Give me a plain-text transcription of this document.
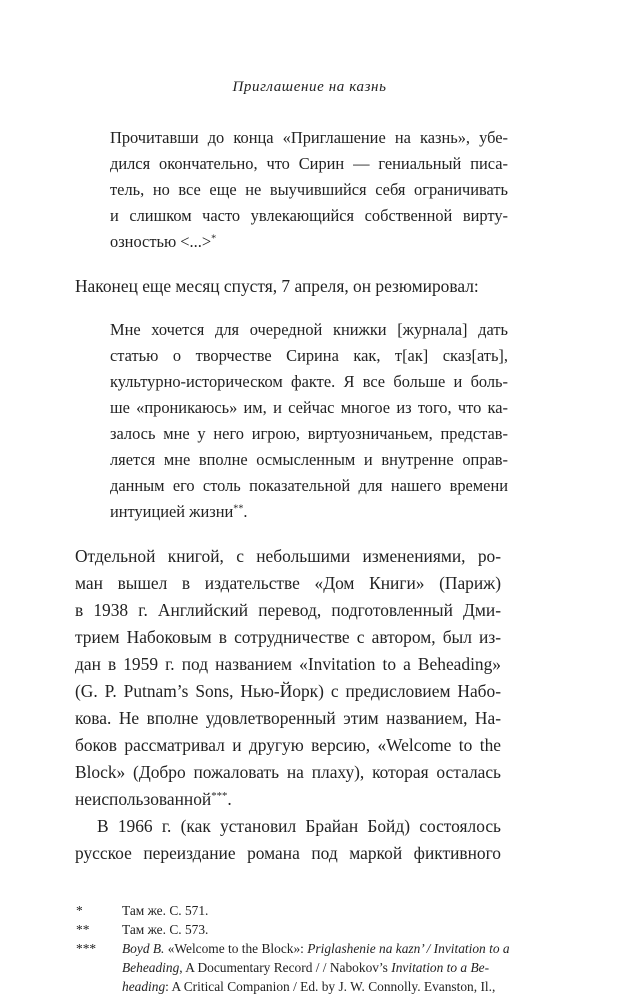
Приглашение на казнь
Прочитавши до конца «Приглашение на казнь», убе-
дился окончательно, что Сирин — гениальный писа-
тель, но все еще не выучившийся себя ограничивать
и слишком часто увлекающийся собственной вирту-
озностью <...>*
Наконец еще месяц спустя, 7 апреля, он резюмировал:
Мне хочется для очередной книжки [журнала] дать
статью о творчестве Сирина как, т[ак] сказ[ать],
культурно-историческом факте. Я все больше и боль-
ше «проникаюсь» им, и сейчас многое из того, что ка-
залось мне у него игрою, виртуозничаньем, представ-
ляется мне вполне осмысленным и внутренне оправ-
данным его столь показательной для нашего времени
интуицией жизни**.
Отдельной книгой, с небольшими изменениями, ро-
ман вышел в издательстве «Дом Книги» (Париж)
в 1938 г. Английский перевод, подготовленный Дми-
трием Набоковым в сотрудничестве с автором, был из-
дан в 1959 г. под названием «Invitation to a Beheading»
(G. P. Putnam’s Sons, Нью-Йорк) с предисловием Набо-
кова. Не вполне удовлетворенный этим названием, На-
боков рассматривал и другую версию, «Welcome to the
Block» (Добро пожаловать на плаху), которая осталась
неиспользованной***.
В 1966 г. (как установил Брайан Бойд) состоялось
русское переиздание романа под маркой фиктивного
*	Там же. С. 571.
** Там же. С. 573.
*** Boyd B. «Welcome to the Block»: Priglashenie na kazn’ / Invitation to a
Beheading, A Documentary Record / / Nabokov’s Invitation to a Be-
heading: A Critical Companion / Ed. by J. W. Connolly. Evanston, Il.,
